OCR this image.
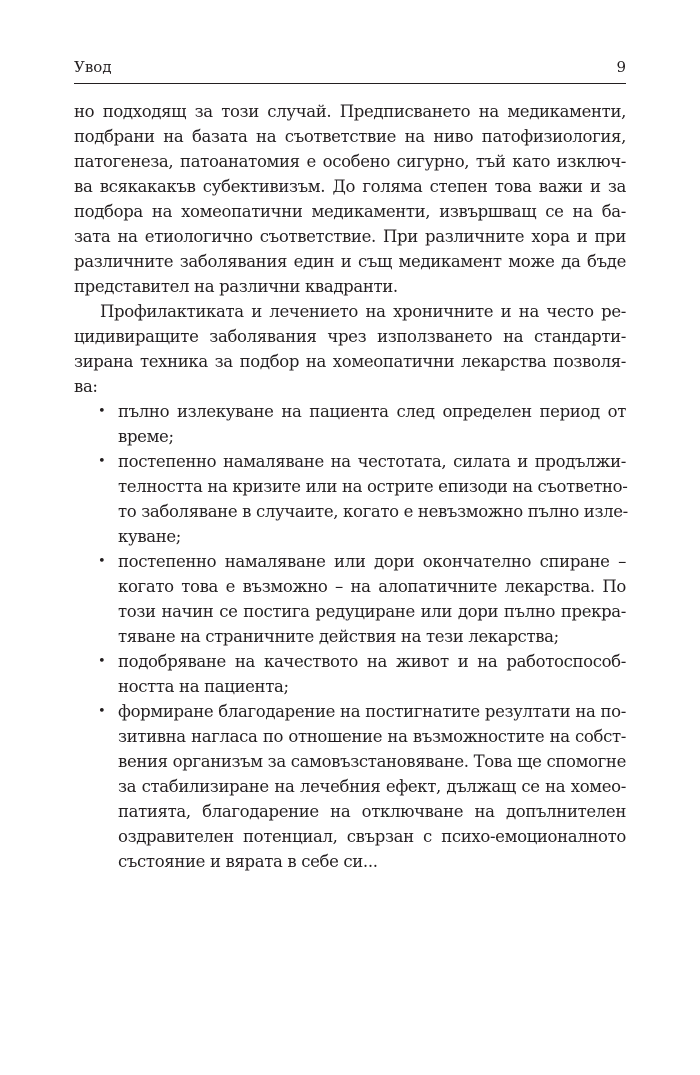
Увод	9
но подходящ за този случай. Предписването на медикаменти,
подбрани на базата на съответствие на ниво патофизиология,
патогенеза, патоанатомия е особено сигурно, тъй като изключ-
ва всякакакъв субективизъм. До голяма степен това важи и за
подбора на хомеопатични медикаменти, извършващ се на ба-
зата на етиологично съответствие. При различните хора и при
различните заболявания един и същ медикамент може да бъде
представител на различни квадранти.
Профилактиката и лечението на хроничните и на често ре-
цидивиращите заболявания чрез използването на стандарти-
зирана техника за подбор на хомеопатични лекарства позволя-
ва:
• пълно излекуване на пациента след определен период от
време;
• постепенно намаляване на честотата, силата и продължи-
телността на кризите или на острите епизоди на съответно-
то заболяване в случаите, когато е невъзможно пълно изле-
куване;
• постепенно намаляване или дори окончателно спиране –
когато това е възможно – на алопатичните лекарства. По
този начин се постига редуциране или дори пълно прекра-
тяване на страничните действия на тези лекарства;
• подобряване на качеството на живот и на работоспособ-
ността на пациента;
• формиране благодарение на постигнатите резултати на по-
зитивна нагласа по отношение на възможностите на собст-
вения организъм за самовъзстановяване. Това ще спомогне
за стабилизиране на лечебния ефект, дължащ се на хомео-
патията, благодарение на отключване на допълнителен
оздравителен потенциал, свързан с психо-емоционалното
състояние и вярата в себе си...
